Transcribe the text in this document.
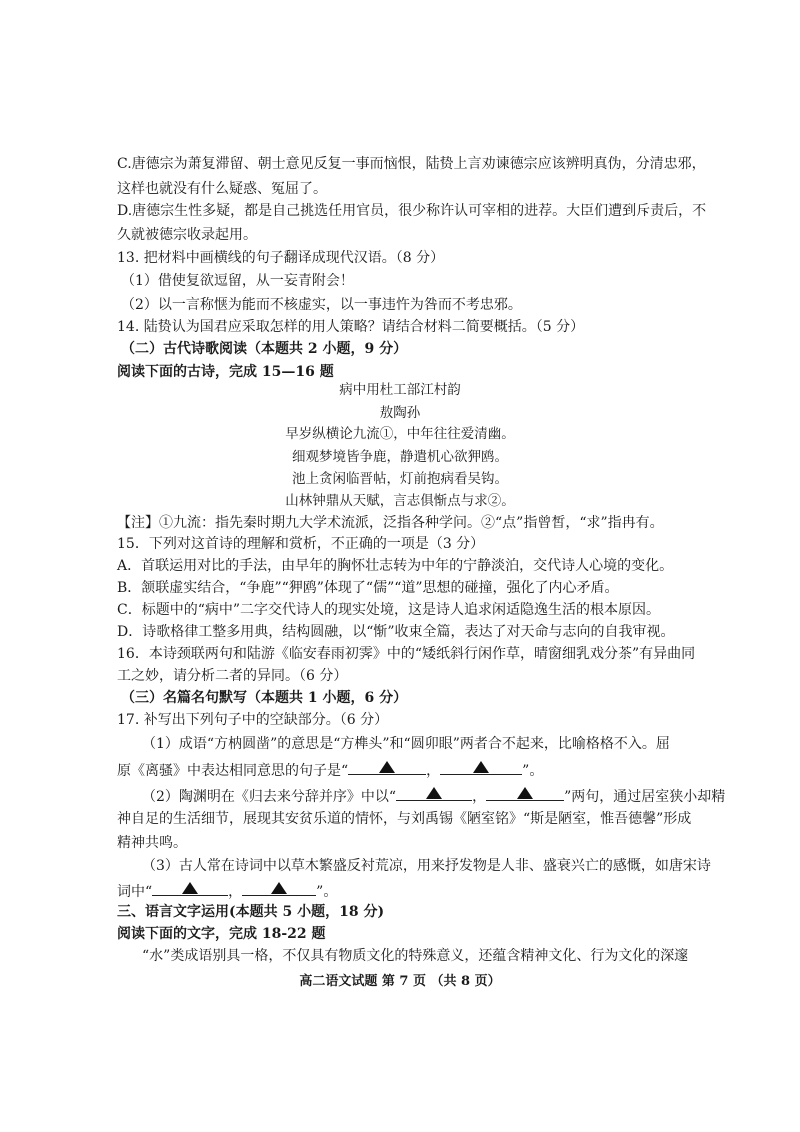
C.唐德宗为萧复滞留、朝士意见反复一事而恼恨，陆贽上言劝谏德宗应该辨明真伪，分清忠邪，
这样也就没有什么疑惑、冤屈了。
D.唐德宗生性多疑，都是自己挑选任用官员，很少称许认可宰相的进荐。大臣们遭到斥责后，不
久就被德宗收录起用。
13. 把材料中画横线的句子翻译成现代汉语。（8 分）
（1）借使复欲逗留，从一妄青附会！
（2）以一言称惬为能而不核虚实，以一事违忤为咎而不考忠邪。
14. 陆贽认为国君应采取怎样的用人策略？请结合材料二简要概括。（5 分）
（二）古代诗歌阅读（本题共 2 小题，9 分）
阅读下面的古诗，完成 15—16 题
病中用杜工部江村韵
敖陶孙
早岁纵横论九流①，中年往往爱清幽。
细观梦境皆争鹿，静遣机心欲狎鸥。
池上贪闲临晋帖，灯前抱病看吴钩。
山林钟鼎从天赋，言志俱惭点与求②。
【注】①九流：指先秦时期九大学术流派，泛指各种学问。②“点”指曾皙，“求”指冉有。
15．下列对这首诗的理解和赏析，不正确的一项是（3 分）
A．首联运用对比的手法，由早年的胸怀壮志转为中年的宁静淡泊，交代诗人心境的变化。
B．颔联虚实结合，“争鹿”“狎鸥”体现了“儒”“道”思想的碰撞，强化了内心矛盾。
C．标题中的“病中”二字交代诗人的现实处境，这是诗人追求闲适隐逸生活的根本原因。
D．诗歌格律工整多用典，结构圆融，以“惭”收束全篇，表达了对天命与志向的自我审视。
16．本诗颈联两句和陆游《临安春雨初霁》中的“矮纸斜行闲作草，晴窗细乳戏分茶”有异曲同
工之妙，请分析二者的异同。（6 分）
（三）名篇名句默写（本题共 1 小题，6 分）
17. 补写出下列句子中的空缺部分。（6 分）
（1）成语“方枘圆凿”的意思是“方榫头”和“圆卯眼”两者合不起来，比喻格格不入。屈
原《离骚》中表达相同意思的句子是“	，	”。
（2）陶渊明在《归去来兮辞并序》中以“	，	”两句，通过居室狭小却精
神自足的生活细节，展现其安贫乐道的情怀，与刘禹锡《陋室铭》“斯是陋室，惟吾德馨”形成
精神共鸣。
（3）古人常在诗词中以草木繁盛反衬荒凉，用来抒发物是人非、盛衰兴亡的感慨，如唐宋诗
词中“	，	”。
三、语言文字运用(本题共 5 小题，18 分)
阅读下面的文字，完成 18-22 题
“水”类成语别具一格，不仅具有物质文化的特殊意义，还蕴含精神文化、行为文化的深邃
高二语文试题 第 7 页 （共 8 页）
